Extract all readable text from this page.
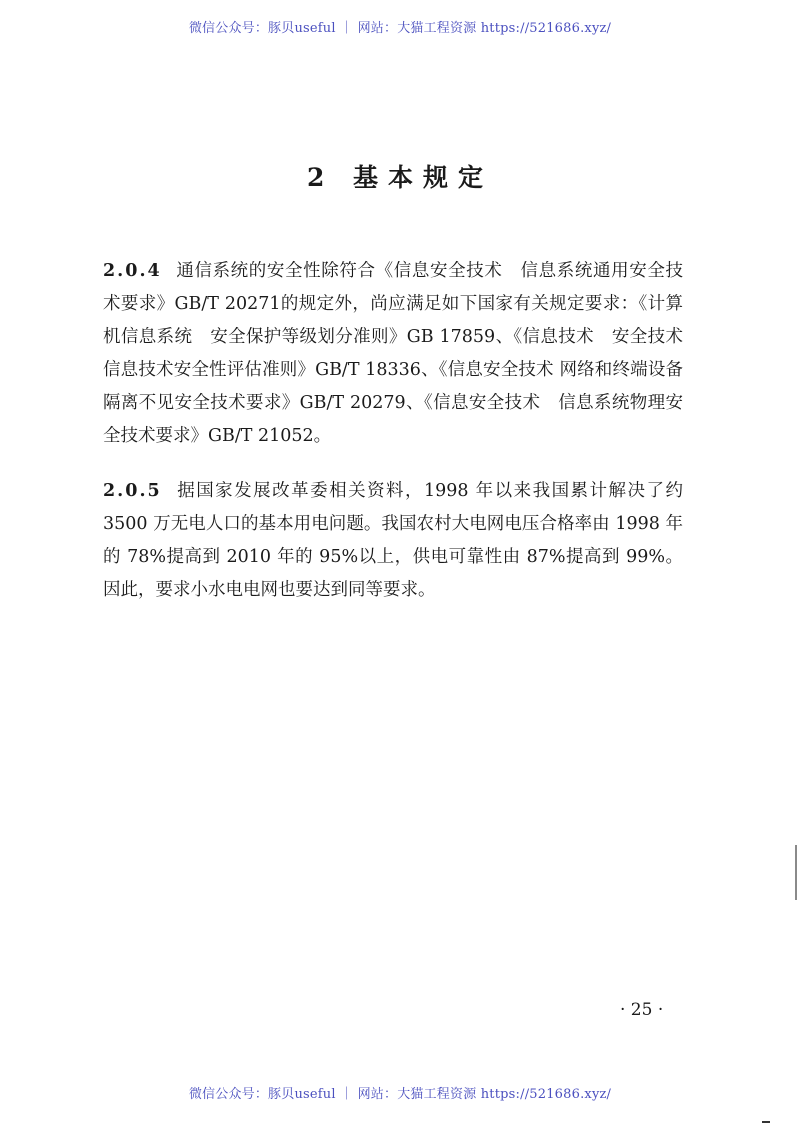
微信公众号：豚贝useful ｜ 网站：大猫工程资源 https://521686.xyz/
2 基本规定
2.0.4 通信系统的安全性除符合《信息安全技术　信息系统通用安全技术要求》GB/T 20271的规定外，尚应满足如下国家有关规定要求：《计算机信息系统　安全保护等级划分准则》GB 17859、《信息技术　安全技术　信息技术安全性评估准则》GB/T 18336、《信息安全技术 网络和终端设备隔离不见安全技术要求》GB/T 20279、《信息安全技术　信息系统物理安全技术要求》GB/T 21052。
2.0.5 据国家发展改革委相关资料，1998 年以来我国累计解决了约 3500 万无电人口的基本用电问题。我国农村大电网电压合格率由 1998 年的 78%提高到 2010 年的 95%以上，供电可靠性由 87%提高到 99%。因此，要求小水电电网也要达到同等要求。
· 25 ·
微信公众号：豚贝useful ｜ 网站：大猫工程资源 https://521686.xyz/
